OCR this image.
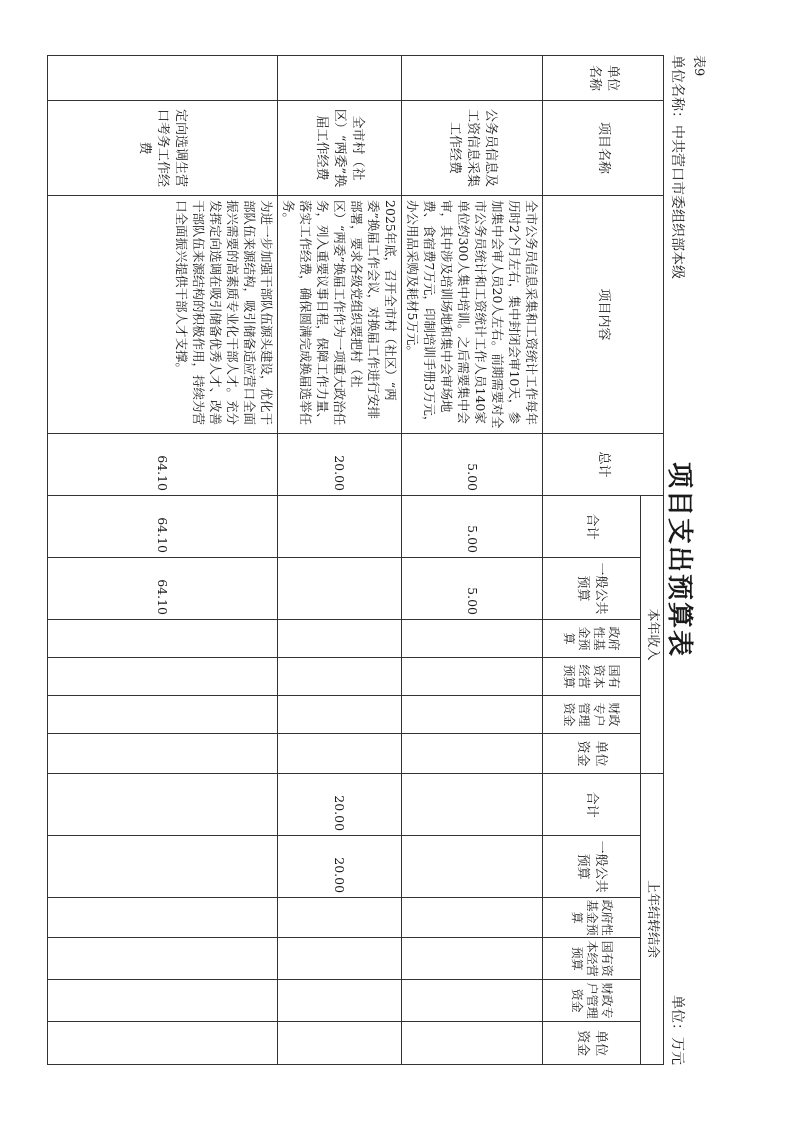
项目支出预算表
表9
单位名称：中共营口市委组织部本级
单位：万元
单位名称	项目名称	项目内容	总计	本年收入						上年结转结余					
				合计	一般公共预算	政府性基金预算	国有资本经营预算	财政专户管理资金	单位资金	合计	一般公共预算	政府性基金预算	国有资本经营预算	财政专户管理资金	单位资金

	公务员信息及工资信息采集工作经费	全市公务员信息采集和工资统计工作每年历时2个月左右，集中封闭会审10天，参加集中会审人员20人左右。前期需要对全市公务员统计和工资统计工作人员140家单位约300人集中培训。之后需要集中会审，其中涉及培训场地和集中会审场地费、食宿费7万元，印制培训手册3万元，办公用品采购及耗材5万元。	5.00	5.00	5.00										
	全市村（社区）“两委”换届工作经费	2025年底，召开全市村（社区）“两委”换届工作会议，对换届工作进行安排部署，要求各级党组织要把村（社区）“两委”换届工作作为一项重大政治任务，列入重要议事日程，保障工作力量、落实工作经费，确保圆满完成换届选举任务。	20.00							20.00	20.00				
	定向选调生营口考务工作经费	为进一步加强干部队伍源头建设，优化干部队伍来源结构，吸引储备适应营口全面振兴需要的高素质专业化干部人才。充分发挥定向选调在吸引储备优秀人才、改善干部队伍来源结构的积极作用，持续为营口全面振兴提供干部人才支撑。	64.10	64.10	64.10										
